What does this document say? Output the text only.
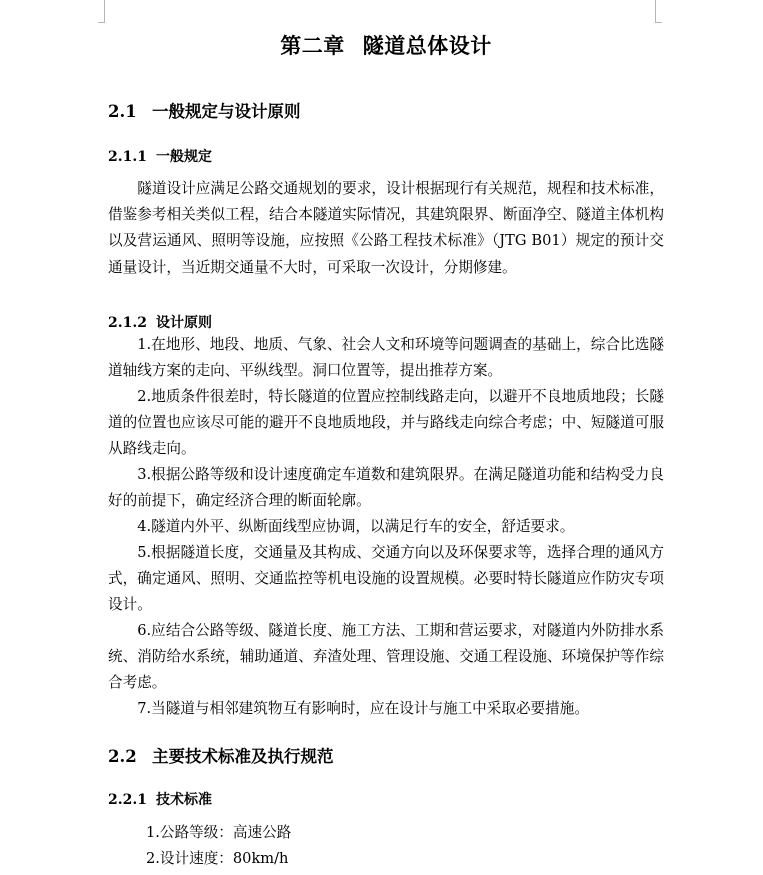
第二章 隧道总体设计
2.1 一般规定与设计原则
2.1.1 一般规定

隧道设计应满足公路交通规划的要求，设计根据现行有关规范，规程和技术标准，借鉴参考相关类似工程，结合本隧道实际情况，其建筑限界、断面净空、隧道主体机构以及营运通风、照明等设施，应按照《公路工程技术标准》（JTG B01）规定的预计交通量设计，当近期交通量不大时，可采取一次设计，分期修建。

2.1.2 设计原则

1.在地形、地段、地质、气象、社会人文和环境等问题调查的基础上，综合比选隧道轴线方案的走向、平纵线型。洞口位置等，提出推荐方案。

2.地质条件很差时，特长隧道的位置应控制线路走向，以避开不良地质地段；长隧道的位置也应该尽可能的避开不良地质地段，并与路线走向综合考虑；中、短隧道可服从路线走向。

3.根据公路等级和设计速度确定车道数和建筑限界。在满足隧道功能和结构受力良好的前提下，确定经济合理的断面轮廓。

4.隧道内外平、纵断面线型应协调，以满足行车的安全，舒适要求。

5.根据隧道长度，交通量及其构成、交通方向以及环保要求等，选择合理的通风方式，确定通风、照明、交通监控等机电设施的设置规模。必要时特长隧道应作防灾专项设计。

6.应结合公路等级、隧道长度、施工方法、工期和营运要求，对隧道内外防排水系统、消防给水系统，辅助通道、弃渣处理、管理设施、交通工程设施、环境保护等作综合考虑。

7.当隧道与相邻建筑物互有影响时，应在设计与施工中采取必要措施。

2.2 主要技术标准及执行规范
2.2.1 技术标准

1.公路等级：高速公路

2.设计速度：80km/h
